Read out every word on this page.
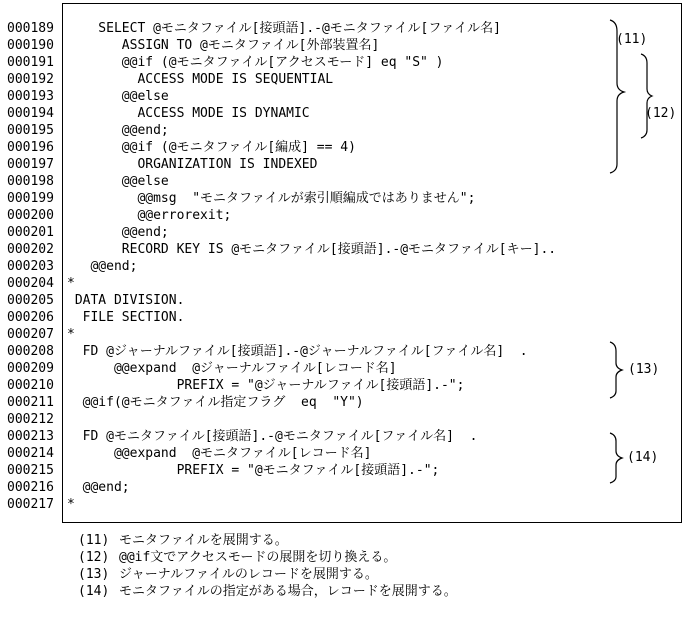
000189
000190
000191
000192
000193
000194
000195
000196
000197
000198
000199
000200
000201
000202
000203
000204
000205
000206
000207
000208
000209
000210
000211
000212
000213
000214
000215
000216
000217
SELECT @モニタファイル[接頭語].-@モニタファイル[ファイル名]
ASSIGN TO @モニタファイル[外部装置名]
@@if (@モニタファイル[アクセスモード] eq "S" )
ACCESS MODE IS SEQUENTIAL
@@else
ACCESS MODE IS DYNAMIC
@@end;
@@if (@モニタファイル[編成] == 4)
ORGANIZATION IS INDEXED
@@else
@@msg  "モニタファイルが索引順編成ではありません";
@@errorexit;
@@end;
RECORD KEY IS @モニタファイル[接頭語].-@モニタファイル[キー]..
@@end;
*
DATA DIVISION.
FILE SECTION.
*
FD @ジャーナルファイル[接頭語].-@ジャーナルファイル[ファイル名]  .
@@expand  @ジャーナルファイル[レコード名]
PREFIX = "@ジャーナルファイル[接頭語].-";
@@if(@モニタファイル指定フラグ  eq  "Y")
FD @モニタファイル[接頭語].-@モニタファイル[ファイル名]  .
@@expand  @モニタファイル[レコード名]
PREFIX = "@モニタファイル[接頭語].-";
@@end;
*
(11)
(12)
(13)
(14)
(11) モニタファイルを展開する。
(12) @@if文でアクセスモードの展開を切り換える。
(13) ジャーナルファイルのレコードを展開する。
(14) モニタファイルの指定がある場合，レコードを展開する。
